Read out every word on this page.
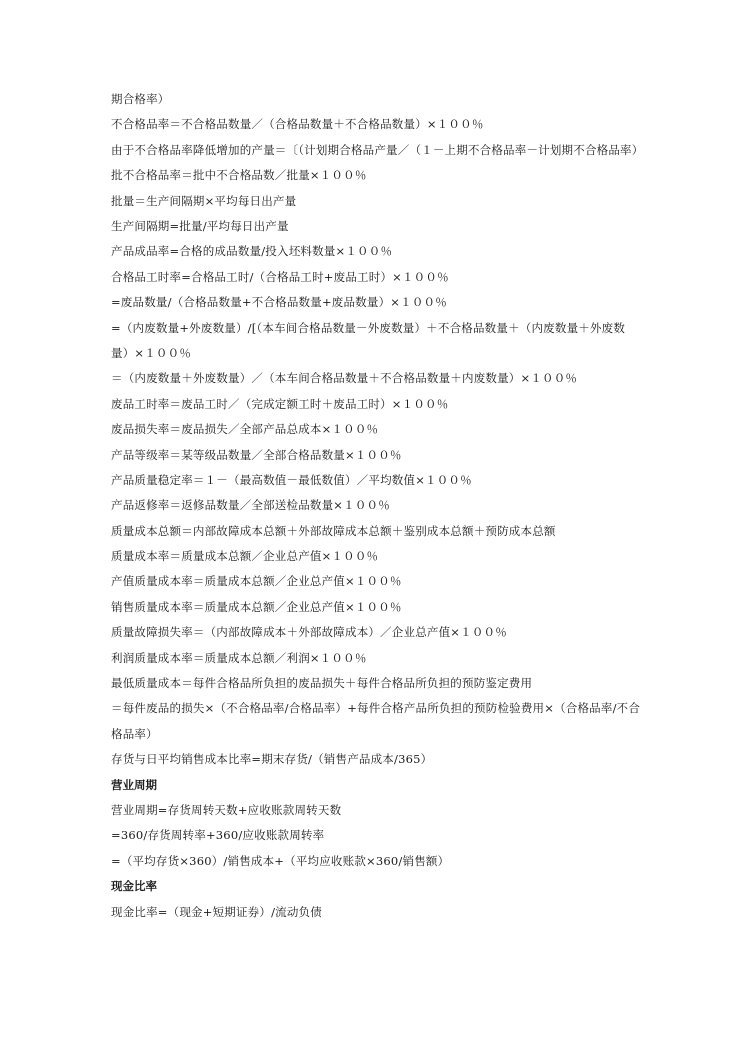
期合格率）
不合格品率＝不合格品数量／（合格品数量＋不合格品数量）×１００％
由于不合格品率降低增加的产量＝〔（计划期合格品产量／（１－上期不合格品率－计划期不合格品率）
批不合格品率＝批中不合格品数／批量×１００％
批量＝生产间隔期×平均每日出产量
生产间隔期=批量/平均每日出产量
产品成品率=合格的成品数量/投入坯料数量×１００％
合格品工时率=合格品工时/（合格品工时+废品工时）×１００％
=废品数量/（合格品数量+不合格品数量+废品数量）×１００％
=（内废数量+外废数量）/[（本车间合格品数量－外废数量）＋不合格品数量＋（内废数量＋外废数量）×１００％
＝（内废数量＋外废数量）／（本车间合格品数量＋不合格品数量＋内废数量）×１００％
废品工时率＝废品工时／（完成定额工时＋废品工时）×１００％
废品损失率＝废品损失／全部产品总成本×１００％
产品等级率＝某等级品数量／全部合格品数量×１００％
产品质量稳定率＝１－（最高数值－最低数值）／平均数值×１００％
产品返修率＝返修品数量／全部送检品数量×１００％
质量成本总额＝内部故障成本总额＋外部故障成本总额＋鉴别成本总额＋预防成本总额
质量成本率＝质量成本总额／企业总产值×１００％
产值质量成本率＝质量成本总额／企业总产值×１００％
销售质量成本率＝质量成本总额／企业总产值×１００％
质量故障损失率＝（内部故障成本＋外部故障成本）／企业总产值×１００％
利润质量成本率＝质量成本总额／利润×１００％
最低质量成本＝每件合格品所负担的废品损失＋每件合格品所负担的预防鉴定费用
＝每件废品的损失×（不合格品率/合格品率）+每件合格产品所负担的预防检验费用×（合格品率/不合格品率）
存货与日平均销售成本比率=期末存货/（销售产品成本/365）
营业周期
营业周期=存货周转天数+应收账款周转天数
=360/存货周转率+360/应收账款周转率
=（平均存货×360）/销售成本+（平均应收账款×360/销售额）
现金比率
现金比率=（现金+短期证券）/流动负债
